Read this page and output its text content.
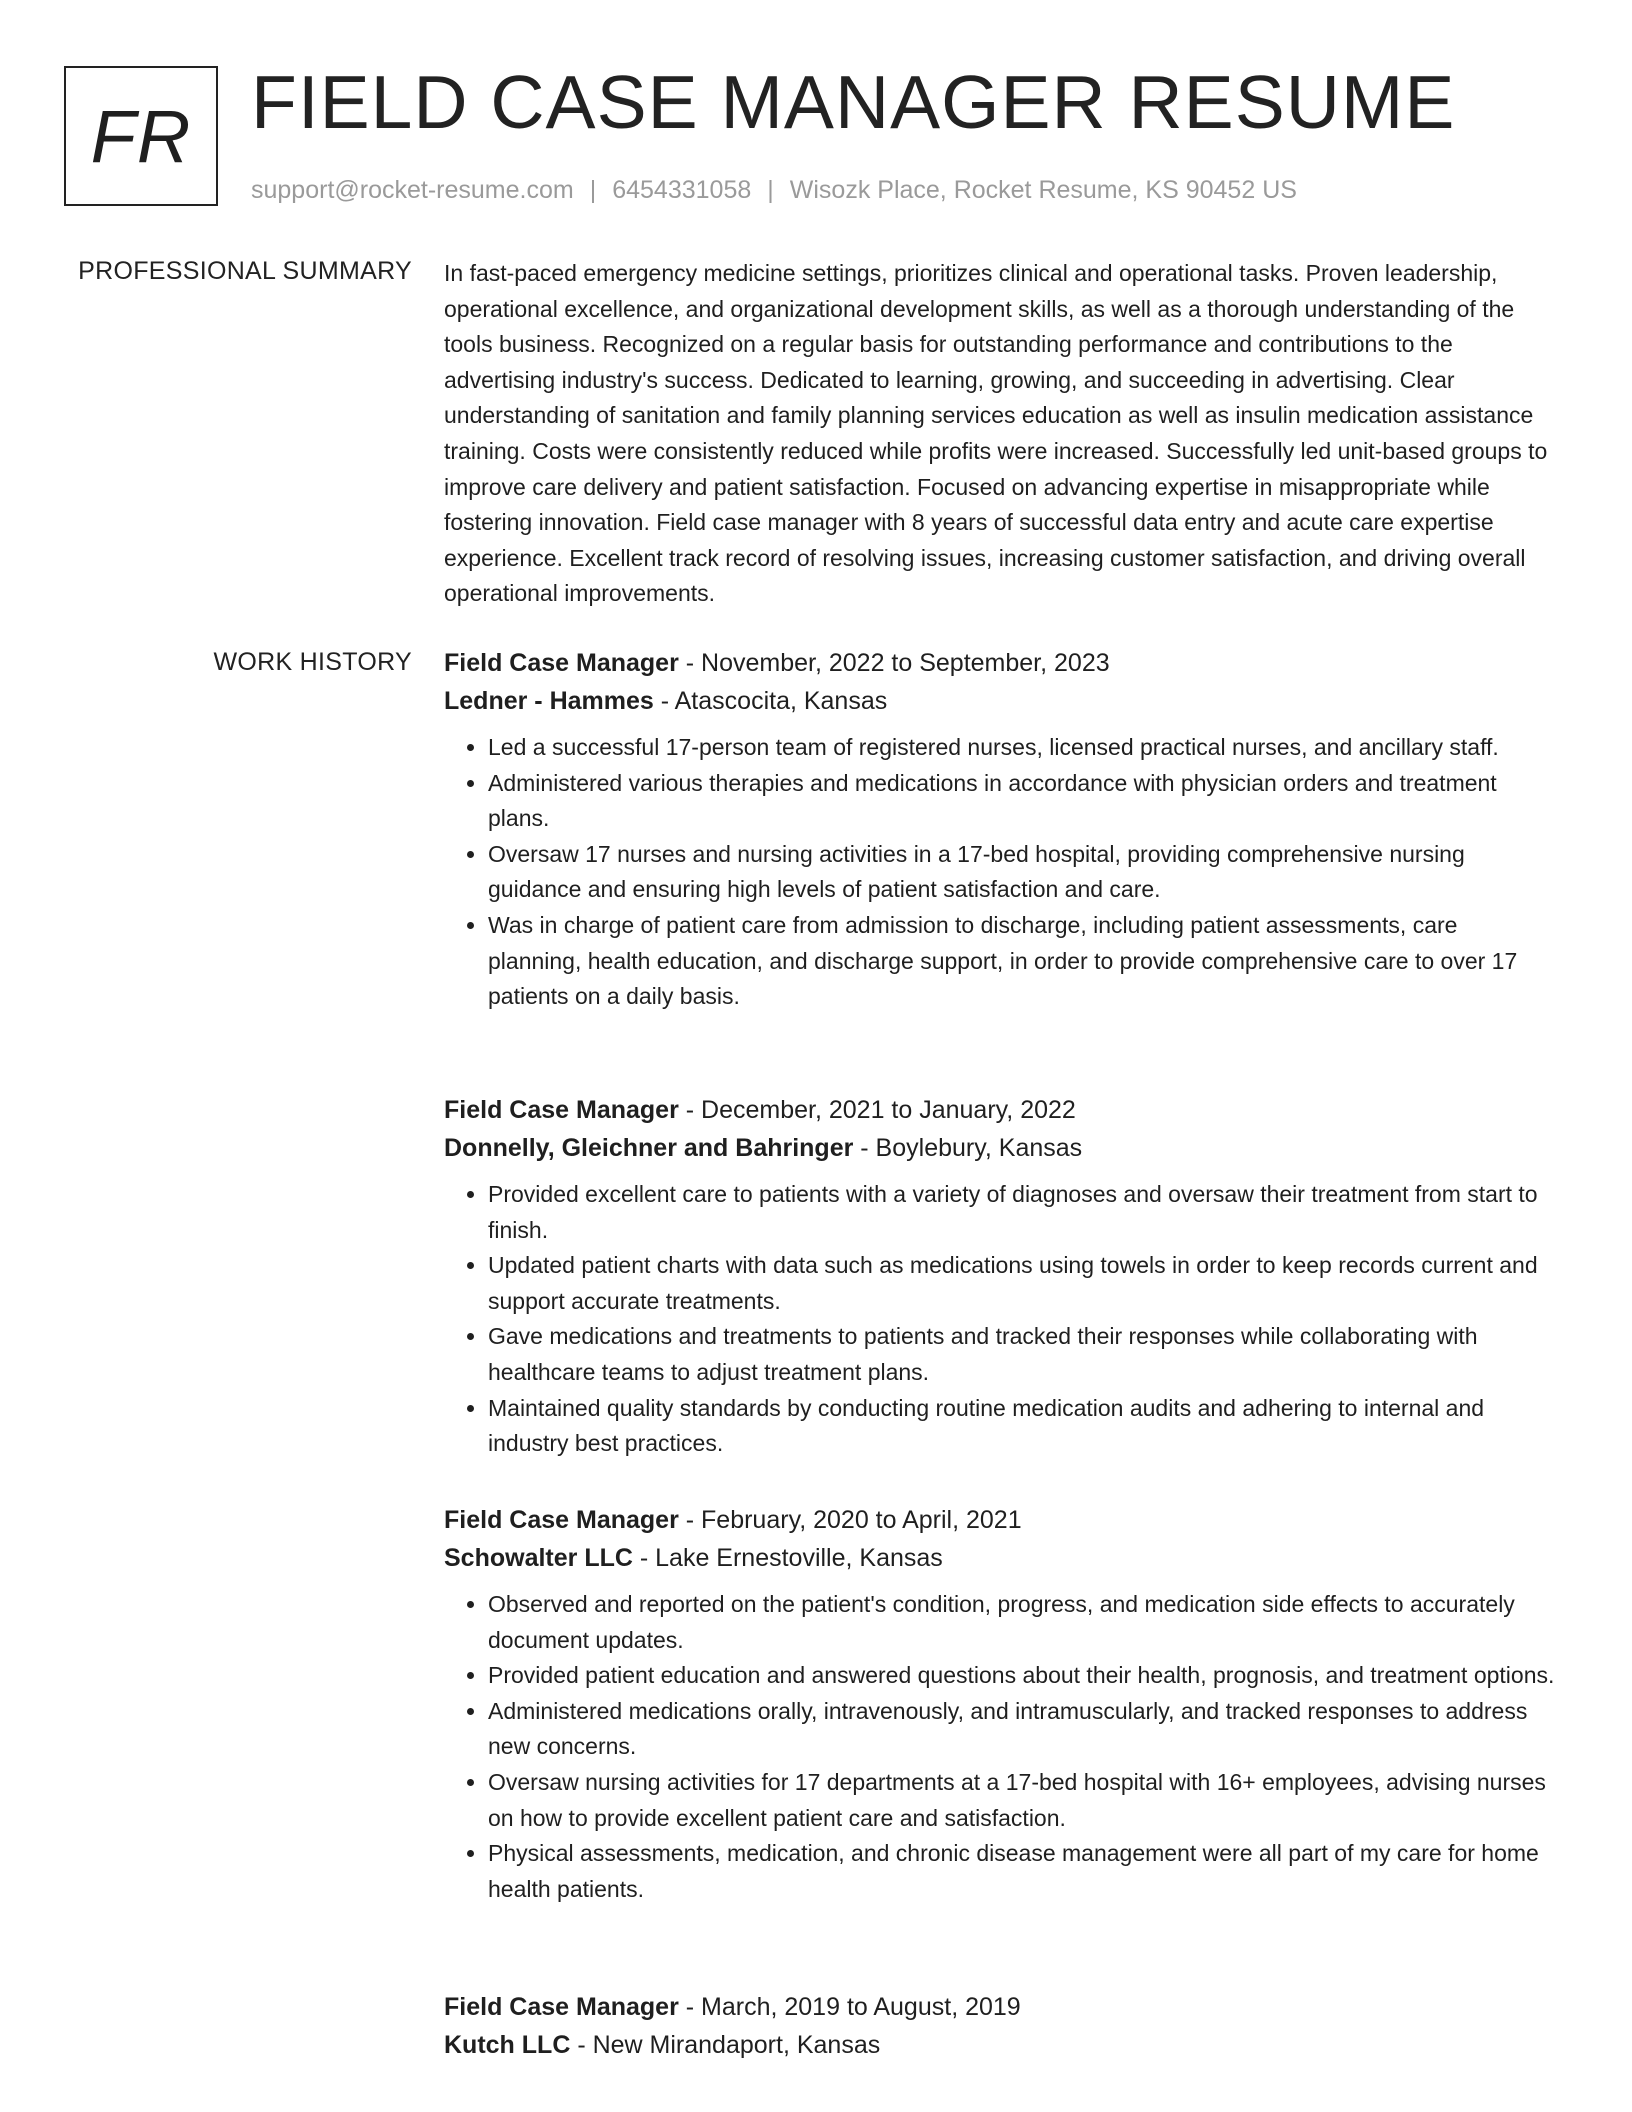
FR FIELD CASE MANAGER RESUME
support@rocket-resume.com | 6454331058 | Wisozk Place, Rocket Resume, KS 90452 US
PROFESSIONAL SUMMARY In fast-paced emergency medicine settings, prioritizes clinical and operational tasks. Proven leadership, operational excellence, and organizational development skills, as well as a thorough understanding of the tools business. Recognized on a regular basis for outstanding performance and contributions to the advertising industry's success. Dedicated to learning, growing, and succeeding in advertising. Clear understanding of sanitation and family planning services education as well as insulin medication assistance training. Costs were consistently reduced while profits were increased. Successfully led unit-based groups to improve care delivery and patient satisfaction. Focused on advancing expertise in misappropriate while fostering innovation. Field case manager with 8 years of successful data entry and acute care expertise experience. Excellent track record of resolving issues, increasing customer satisfaction, and driving overall operational improvements.

WORK HISTORY Field Case Manager - November, 2022 to September, 2023
Ledner - Hammes - Atascocita, Kansas
• Led a successful 17-person team of registered nurses, licensed practical nurses, and ancillary staff.
• Administered various therapies and medications in accordance with physician orders and treatment plans.
• Oversaw 17 nurses and nursing activities in a 17-bed hospital, providing comprehensive nursing guidance and ensuring high levels of patient satisfaction and care.
• Was in charge of patient care from admission to discharge, including patient assessments, care planning, health education, and discharge support, in order to provide comprehensive care to over 17 patients on a daily basis.
Field Case Manager - December, 2021 to January, 2022
Donnelly, Gleichner and Bahringer - Boylebury, Kansas
• Provided excellent care to patients with a variety of diagnoses and oversaw their treatment from start to finish.
• Updated patient charts with data such as medications using towels in order to keep records current and support accurate treatments.
• Gave medications and treatments to patients and tracked their responses while collaborating with healthcare teams to adjust treatment plans.
• Maintained quality standards by conducting routine medication audits and adhering to internal and industry best practices.
Field Case Manager - February, 2020 to April, 2021
Schowalter LLC - Lake Ernestoville, Kansas
• Observed and reported on the patient's condition, progress, and medication side effects to accurately document updates.
• Provided patient education and answered questions about their health, prognosis, and treatment options.
• Administered medications orally, intravenously, and intramuscularly, and tracked responses to address new concerns.
• Oversaw nursing activities for 17 departments at a 17-bed hospital with 16+ employees, advising nurses on how to provide excellent patient care and satisfaction.
• Physical assessments, medication, and chronic disease management were all part of my care for home health patients.
Field Case Manager - March, 2019 to August, 2019
Kutch LLC - New Mirandaport, Kansas
